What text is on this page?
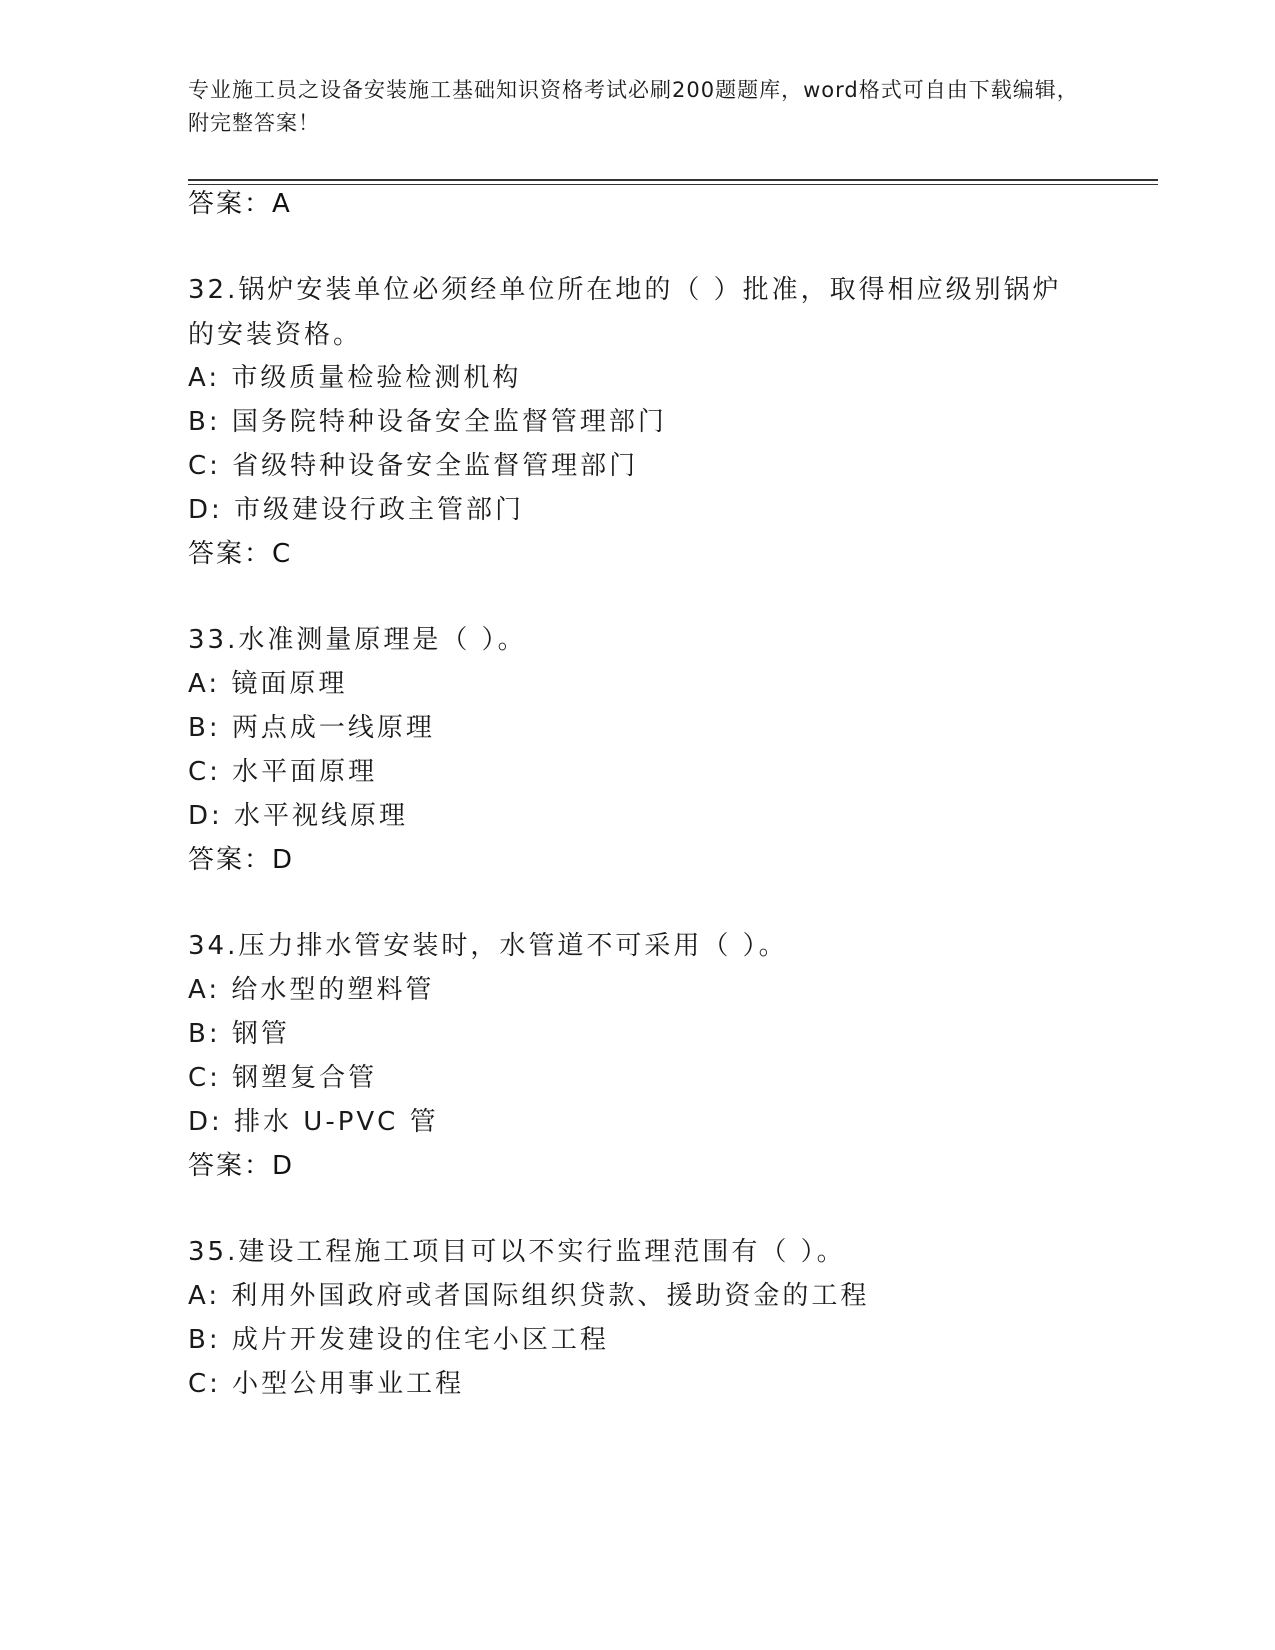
专业施工员之设备安装施工基础知识资格考试必刷200题题库，word格式可自由下载编辑，附完整答案！
答案：A
32.锅炉安装单位必须经单位所在地的（ ）批准，取得相应级别锅炉的安装资格。
A: 市级质量检验检测机构
B: 国务院特种设备安全监督管理部门
C: 省级特种设备安全监督管理部门
D: 市级建设行政主管部门
答案：C
33.水准测量原理是（ ）。
A: 镜面原理
B: 两点成一线原理
C: 水平面原理
D: 水平视线原理
答案：D
34.压力排水管安装时，水管道不可采用（ ）。
A: 给水型的塑料管
B: 钢管
C: 钢塑复合管
D: 排水 U-PVC 管
答案：D
35.建设工程施工项目可以不实行监理范围有（ ）。
A: 利用外国政府或者国际组织贷款、援助资金的工程
B: 成片开发建设的住宅小区工程
C: 小型公用事业工程
